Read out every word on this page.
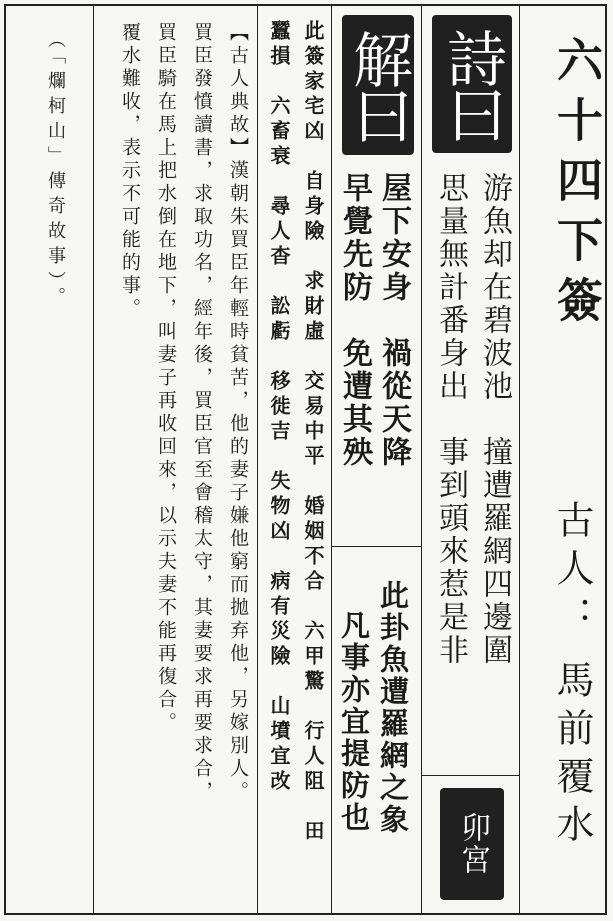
六十四下簽
古人：
馬前覆水
詩曰
游魚却在碧波池　撞遭羅網四邊圍
思量無計番身出　事到頭來惹是非
卯宮
解曰
屋下安身　禍從天降
早覺先防　免遭其殃
此卦魚遭羅網之象
凡事亦宜提防也
此簽家宅凶　自身險　求財虛　交易中平　婚姻不合　六甲驚　行人阻　田
蠶損　六畜衰　尋人杳　訟虧　移徙吉　失物凶　病有災險　山墳宜改
【古人典故】漢朝朱買臣年輕時貧苦，他的妻子嫌他窮而拋弃他，另嫁別人。
買臣發憤讀書，求取功名，經年後，買臣官至會稽太守，其妻要求再要求合，
買臣騎在馬上把水倒在地下，叫妻子再收回來，以示夫妻不能再復合。
覆水難收，表示不可能的事。
（「爛柯山」傳奇故事）。
